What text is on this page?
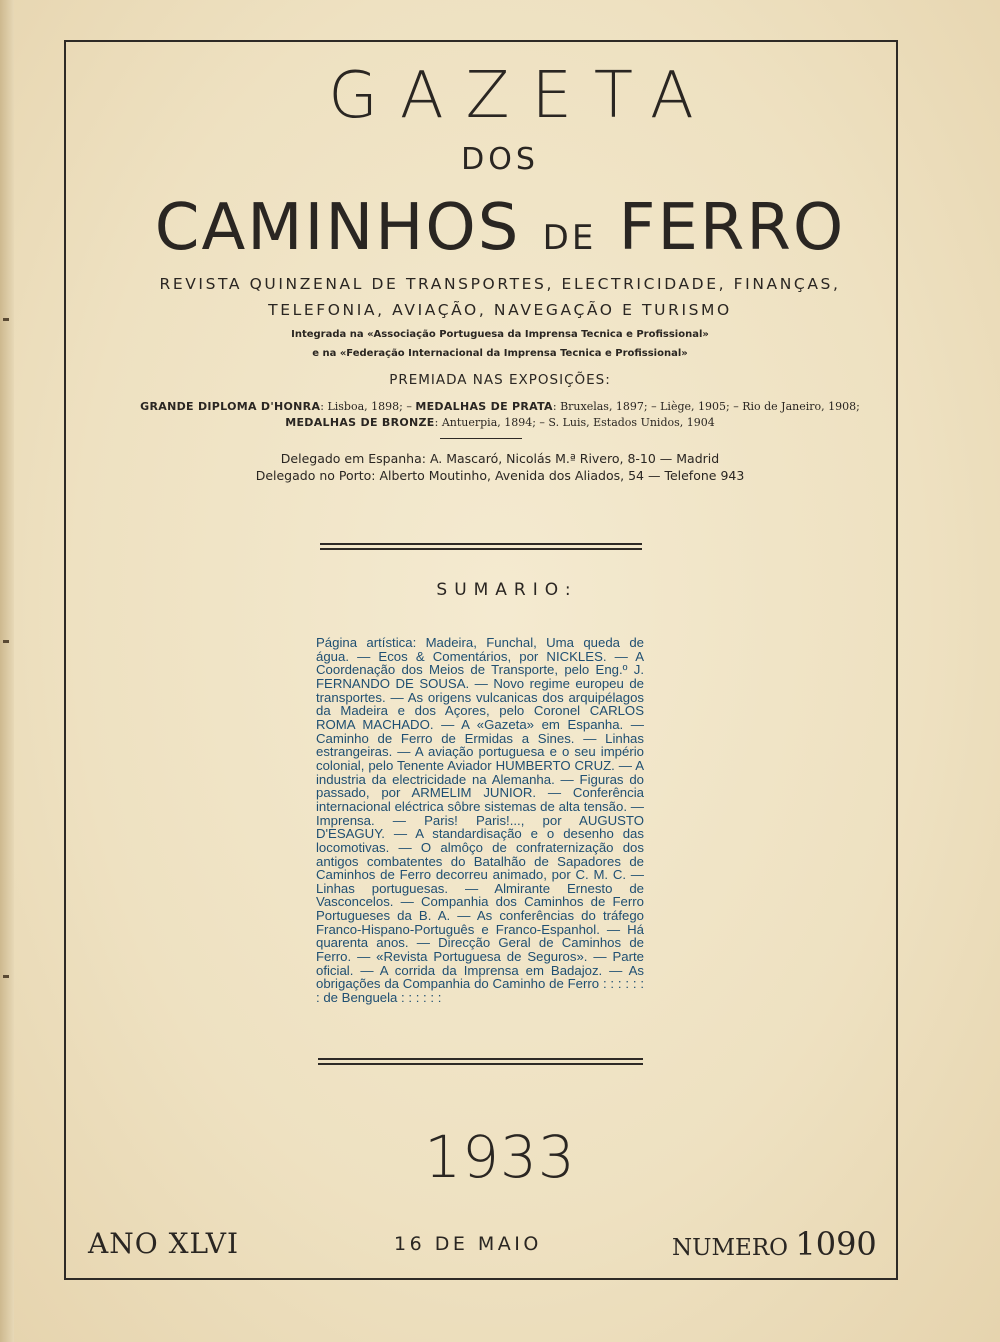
GAZETA
DOS
CAMINHOS DE FERRO
REVISTA QUINZENAL DE TRANSPORTES, ELECTRICIDADE, FINANÇAS,
TELEFONIA, AVIAÇÃO, NAVEGAÇÃO E TURISMO
Integrada na «Associação Portuguesa da Imprensa Tecnica e Profissional»
e na «Federação Internacional da Imprensa Tecnica e Profissional»
PREMIADA NAS EXPOSIÇÕES:
GRANDE DIPLOMA D'HONRA: Lisboa, 1898; – MEDALHAS DE PRATA: Bruxelas, 1897; – Liège, 1905; – Rio de Janeiro, 1908;
MEDALHAS DE BRONZE: Antuerpia, 1894; – S. Luis, Estados Unidos, 1904
Delegado em Espanha: A. Mascaró, Nicolás M.ª Rivero, 8-10 — Madrid
Delegado no Porto: Alberto Moutinho, Avenida dos Aliados, 54 — Telefone 943
SUMARIO:
Página artística: Madeira, Funchal, Uma queda de água. — Ecos & Comentários, por NICKLES. — A Coordenação dos Meios de Transporte, pelo Eng.º J. FERNANDO DE SOUSA. — Novo regime europeu de transportes. — As origens vulcanicas dos arquipélagos da Madeira e dos Açores, pelo Coronel CARLOS ROMA MACHADO. — A «Gazeta» em Espanha. — Caminho de Ferro de Ermidas a Sines. — Linhas estrangeiras. — A aviação portuguesa e o seu império colonial, pelo Tenente Aviador HUMBERTO CRUZ. — A industria da electricidade na Alemanha. — Figuras do passado, por ARMELIM JUNIOR. — Conferência internacional eléctrica sôbre sistemas de alta tensão. — Imprensa. — Paris! Paris!..., por AUGUSTO D'ESAGUY. — A standardisação e o desenho das locomotivas. — O almôço de confraternização dos antigos combatentes do Batalhão de Sapadores de Caminhos de Ferro decorreu animado, por C. M. C. — Linhas portuguesas. — Almirante Ernesto de Vasconcelos. — Companhia dos Caminhos de Ferro Portugueses da B. A. — As conferências do tráfego Franco-Hispano-Português e Franco-Espanhol. — Há quarenta anos. — Direcção Geral de Caminhos de Ferro. — «Revista Portuguesa de Seguros». — Parte oficial. — A corrida da Imprensa em Badajoz. — As obrigações da Companhia do Caminho de Ferro : : : : : : : de Benguela : : : : : :
1933
ANO XLVI	16 DE MAIO	NUMERO 1090
